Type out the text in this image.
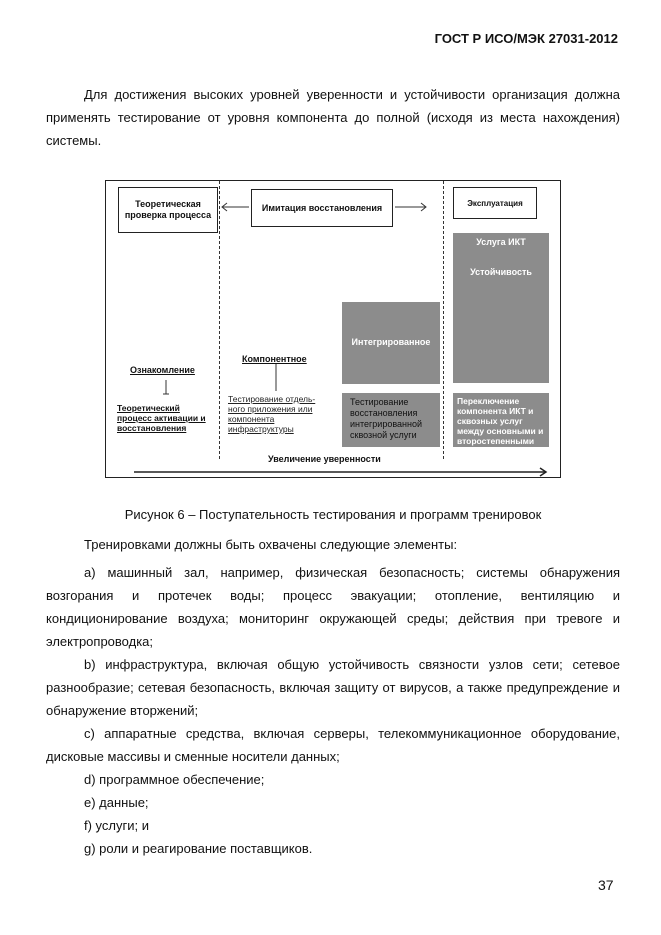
ГОСТ Р ИСО/МЭК 27031-2012
Для достижения высоких уровней уверенности и устойчивости организация должна применять тестирование от уровня компонента до полной (исходя из места нахождения) системы.
Теоретическая проверка процесса
Имитация восстановления	Эксплуатация
Услуга ИКТ
Устойчивость
Интегрированное
Компонентное
Ознакомление
Теоретический процесс активации и восстановления
Тестирование отдель-ного приложения или компонента инфраструктуры
Тестирование восстановления интегрированной сквозной услуги
Переключение компонента ИКТ и сквозных услуг между основными и второстепенными
Увеличение уверенности
Рисунок 6 – Поступательность тестирования и программ тренировок
Тренировками должны быть охвачены следующие элементы:
а) машинный зал, например, физическая безопасность; системы обнаружения возгорания и протечек воды; процесс эвакуации; отопление, вентиляцию и кондиционирование воздуха; мониторинг окружающей среды; действия при тревоге и электропроводка;
b) инфраструктура, включая общую устойчивость связности узлов сети; сетевое разнообразие; сетевая безопасность, включая защиту от вирусов, а также предупреждение и обнаружение вторжений;
с) аппаратные средства, включая серверы, телекоммуникационное оборудование, дисковые массивы и сменные носители данных;
d) программное обеспечение;
е) данные;
f) услуги; и
g) роли и реагирование поставщиков.
37
